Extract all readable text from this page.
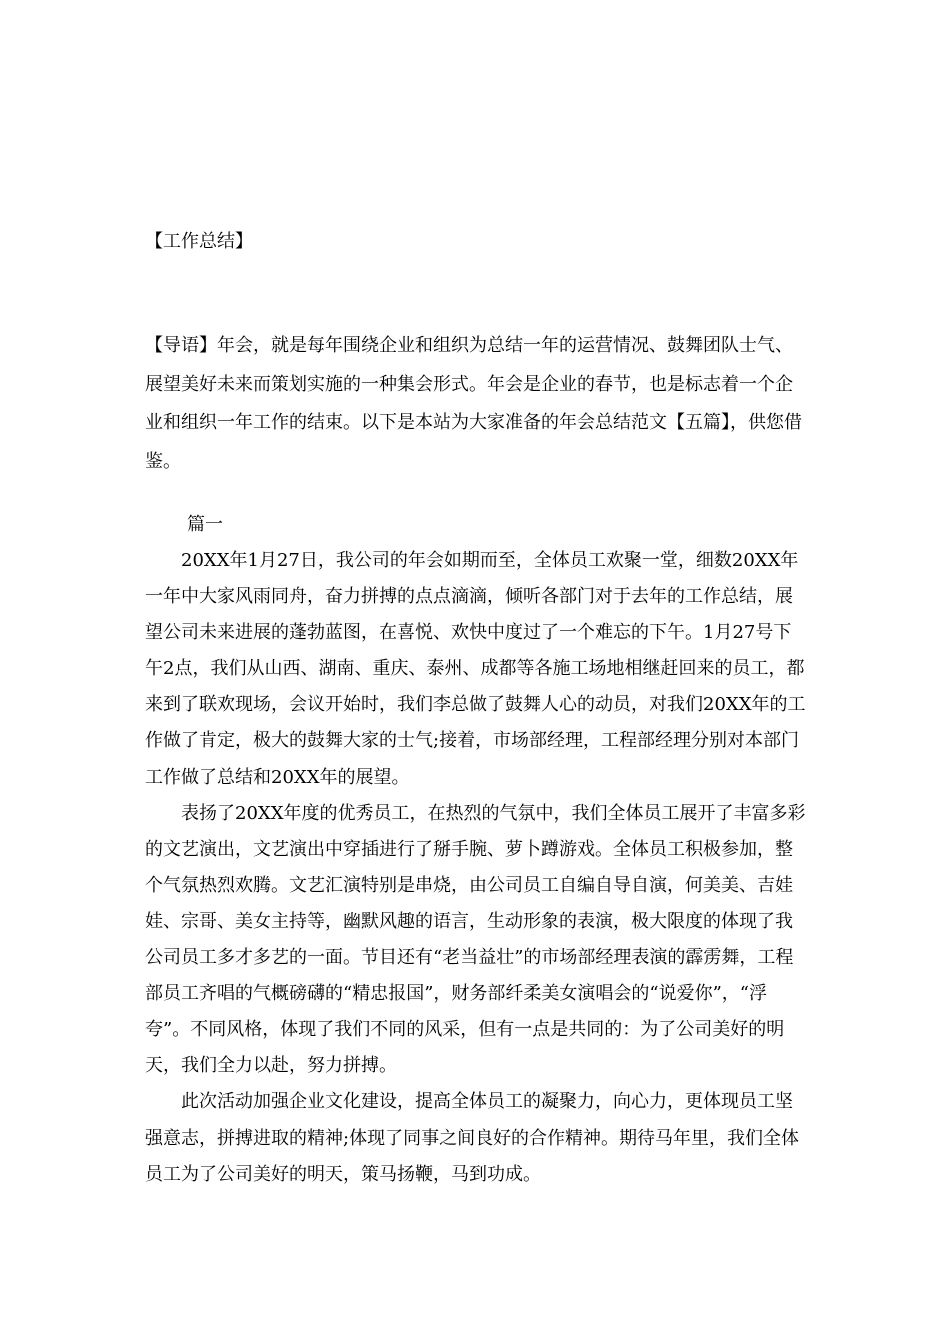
【工作总结】

【导语】年会，就是每年围绕企业和组织为总结一年的运营情况、鼓舞团队士气、展望美好未来而策划实施的一种集会形式。年会是企业的春节，也是标志着一个企业和组织一年工作的结束。以下是本站为大家准备的年会总结范文【五篇】，供您借鉴。

篇一

20XX年1月27日，我公司的年会如期而至，全体员工欢聚一堂，细数20XX年一年中大家风雨同舟，奋力拼搏的点点滴滴，倾听各部门对于去年的工作总结，展望公司未来进展的蓬勃蓝图，在喜悦、欢快中度过了一个难忘的下午。1月27号下午2点，我们从山西、湖南、重庆、泰州、成都等各施工场地相继赶回来的员工，都来到了联欢现场，会议开始时，我们李总做了鼓舞人心的动员，对我们20XX年的工作做了肯定，极大的鼓舞大家的士气;接着，市场部经理，工程部经理分别对本部门工作做了总结和20XX年的展望。

表扬了20XX年度的优秀员工，在热烈的气氛中，我们全体员工展开了丰富多彩的文艺演出，文艺演出中穿插进行了掰手腕、萝卜蹲游戏。全体员工积极参加，整个气氛热烈欢腾。文艺汇演特别是串烧，由公司员工自编自导自演，何美美、吉娃娃、宗哥、美女主持等，幽默风趣的语言，生动形象的表演，极大限度的体现了我公司员工多才多艺的一面。节目还有“老当益壮”的市场部经理表演的霹雳舞，工程部员工齐唱的气概磅礴的“精忠报国”，财务部纤柔美女演唱会的“说爱你”，“浮夸”。不同风格，体现了我们不同的风采，但有一点是共同的：为了公司美好的明天，我们全力以赴，努力拼搏。

此次活动加强企业文化建设，提高全体员工的凝聚力，向心力，更体现员工坚强意志，拼搏进取的精神;体现了同事之间良好的合作精神。期待马年里，我们全体员工为了公司美好的明天，策马扬鞭，马到功成。
